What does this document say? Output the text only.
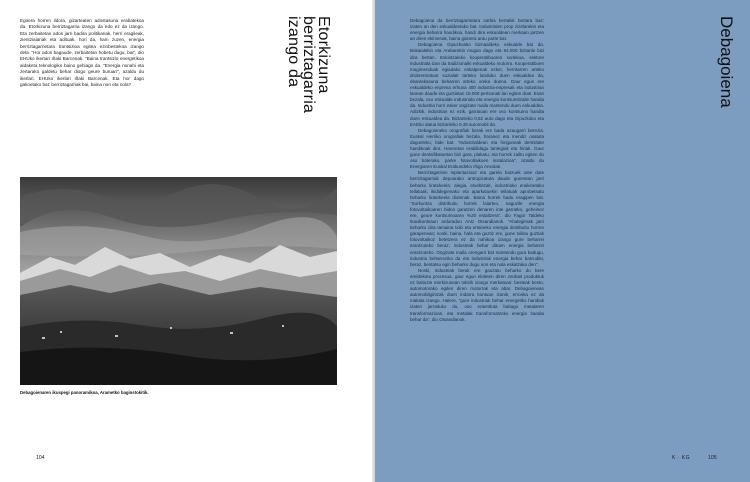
Egoera horren ildora, gizarteaten adostasuna erabatekoa da. Etorkizuna berriztagarria izango da edo ez da izango. Eta zerbaitetan ados jarri badira politikariak, herri eragileak, zientzialariak eta adituak, hori da, ham zuzen, energia berriztagarrietara trantsizioa egitea ezinbestekoa izango dela. "Hor ados bagaude, zerbaitetan hobetu dugu, bai", dio EHUko ikertari Iñaki Barcenak. "Baina trantsizio energetikoa aldaketa teknologiko baino gehiago da. "Energia nonahi eta zertarako galdetu behar diogu geure buruari", azaldu du ikerlari. EHUko ikerlari Iñaki Barcenak. Eta hor dago gakoetako bat: berriztagarriak bai, baina non eta nola?	Etorkizuna
berriztagarria
izango da
Debagoienaren ikuspegi panoramikoa, Arametko baginstokitik.
104

Debagoiena da berriztagarrietara sarbia bertakik bertara baz: izaten an den eskualdeetako bat. Industrialen prop zizelarekin eta energia beharra handikoa, handi dira eskualdean merkaan jartzen an diren ekimenak, baina gainera arau parte bat.

Debagoiena Gipuzkoako biznaaldeko eskualde bat da. Bokaialekin eta Arabarekin mugan dago eta 64.000 biztanle bizi dira bertan. Eskintzaleko kooperatiboaren sorlekua, sektore industriala izan da tradizionalki eskualdeko motorra. Kooperatiboen mugimenduak egiadako eskalpenak ezker, herritarren arteko drobrentratuar sozialak tarteko landuko duen eskualdea da, ebaraskasuna beharren arteko oreka duena. Gaur egun ere eskualdeko enpresa erhuna 400 industria-enpresak eta industrian lanean daude eta guztietan 15.000 pertsonak lan egiten dute. Esan bezala, oso eskualde industriala eta energia kontsumitzaile handia da. Industria horri esker ongizate maila mantendu duen eskualdea. Adizkik, industrian ez ezik, garraioan ere oso kontsumo handia duen eskualdea da. Biztanleko 0,52 auto dago eta Gipuzkoko eta EAEko datua biztanleko 0,48 automobil da.

Debagoieneko orografiak berak ere bada azaugarri berezia. Euskal Herriko orografiak bezala, haranez eta mendiz osatuta dagoeleko, bide bat. "Industrialdean eta hiriguneak dentsitate handikoak dira. Hareretan erabilidagu lantegiak eta hiriak. Gaur gune dentsifikatuetan bizi gara, plakatu, eta horrek zailtu egiten du oso baterako, parke fotovoltaikoen instalazioa", azaldu du Energiaren Euskal Erakundeko Iñigo Ansolak.

Berriztagarrien inplantazioaz eta garela batzuek uste dute berriztagarriak depoarako antropizatuta daude guneetan jarri beharko liratekeela: alegia, etxebitzak, industriako eraikinetako teilatuak, ikididegienako eta aparkatuekin teilatuak aprobetsatu beharko liratekeela diotenak. Baina horrek badu eragipen bat. "Sorkuntza distribuitu horrek laiarteo, naguzile energia fotovoltaikoaren bideo garatzen denaren inte garratko, geheinez ere, geure kontsumoaren %20 estaltzera", dio Fagor Taldeko Ikaulkontsaun arduradun Antz Otxandianok. "Ahalegimak jarri beharko dira tamaina txiki eta ertaineko energia distribuitu horren garapenean; noski, baina, hala eta guztiz ere, gune txikitu guztiak fotovoltaikoz betetzera ez da nahikoa izango gure beharrei erantzuteko beraz; industriak behar dituen energia beharrei erantzuteko. Ongizate maila orengarri bat mantendu gura badugu, industria beharreziko da eta industriak energia behar batzudikt, beraz, bentatsu egin beharko dugu non eta nola eskatzako den".

Noski, industriak berak ere gauzatu beharko du bere ereldeketa prozesua, gaur egun ekiteten diren zenbait produktuk ez baituzte etorkizunean tokirik izango merkatuan: besteak beste, automotorako egiten diren motorrak eta abar. Debagoienean automobilgintzak duen indarra kontuan izanik, erronka ez da makala izango. Halere, "gure industriak behar energetiko handiak izaten jarraituko du, oso eraentluta baitago metalaren transformazioan, eta metalak transformatzeko energia handia behar da", dio Otxandianok.

Debagoiena
K · KG	105
